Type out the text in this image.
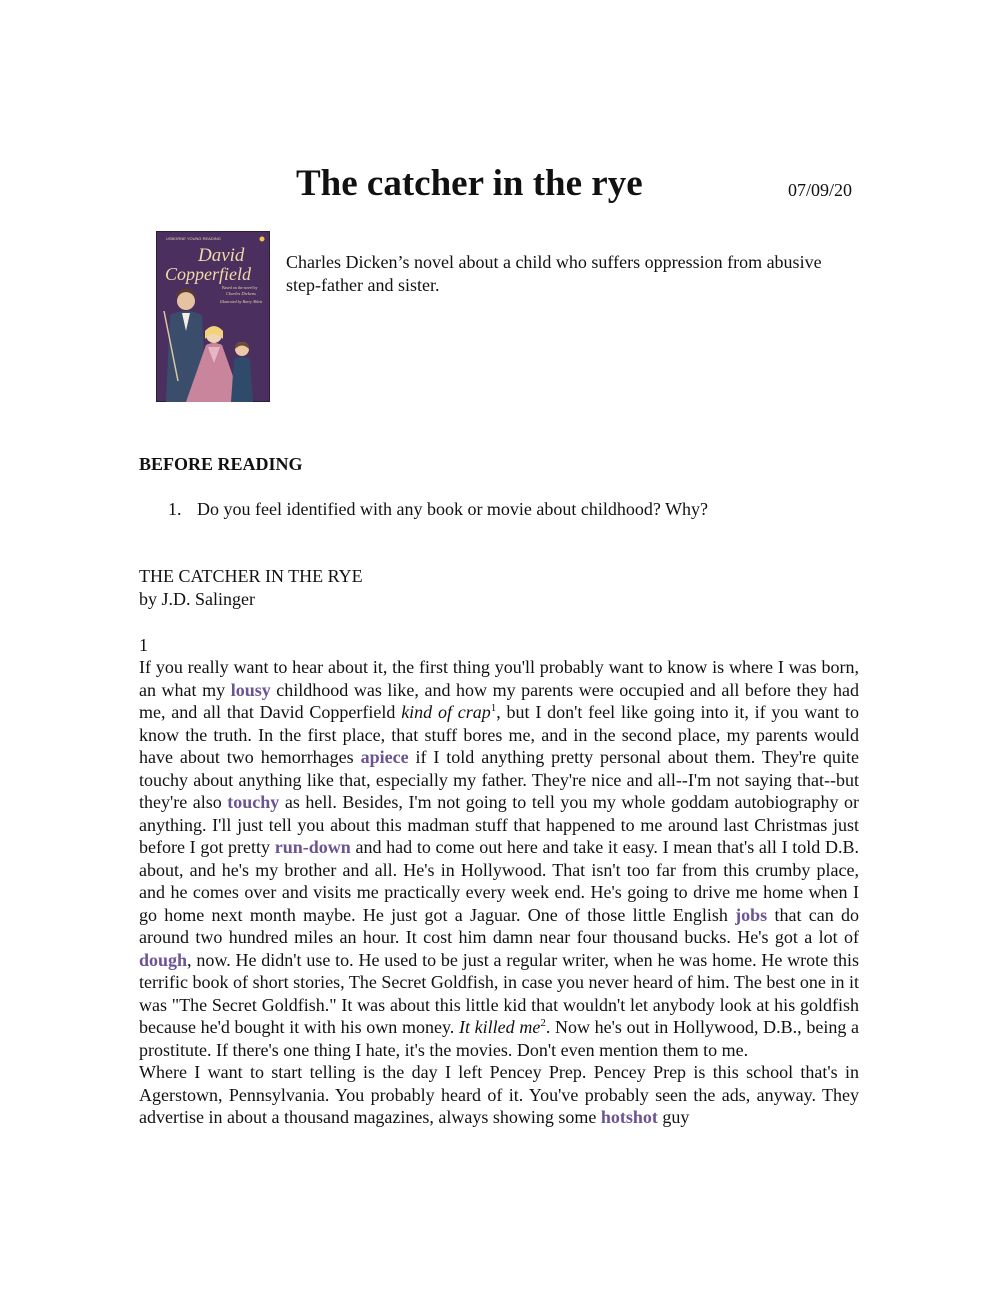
The catcher in the rye	07/09/20
USBORNE YOUNG READING
David
Copperfield
Based on the novel by
Charles Dickens
Illustrated by Barry Ablett

Charles Dicken’s novel about a child who suffers oppression from abusive step-father and sister.

BEFORE READING
1. Do you feel identified with any book or movie about childhood? Why?

THE CATCHER IN THE RYE

by J.D. Salinger

1

If you really want to hear about it, the first thing you'll probably want to know is where I was born, an what my lousy childhood was like, and how my parents were occupied and all before they had me, and all that David Copperfield kind of crap$^1$, but I don't feel like going into it, if you want to know the truth. In the first place, that stuff bores me, and in the second place, my parents would have about two hemorrhages apiece if I told anything pretty personal about them. They're quite touchy about anything like that, especially my father. They're nice and all--I'm not saying that--but they're also touchy as hell. Besides, I'm not going to tell you my whole goddam autobiography or anything. I'll just tell you about this madman stuff that happened to me around last Christmas just before I got pretty run-down and had to come out here and take it easy. I mean that's all I told D.B. about, and he's my brother and all. He's in Hollywood. That isn't too far from this crumby place, and he comes over and visits me practically every week end. He's going to drive me home when I go home next month maybe. He just got a Jaguar. One of those little English jobs that can do around two hundred miles an hour. It cost him damn near four thousand bucks. He's got a lot of dough, now. He didn't use to. He used to be just a regular writer, when he was home. He wrote this terrific book of short stories, The Secret Goldfish, in case you never heard of him. The best one in it was "The Secret Goldfish." It was about this little kid that wouldn't let anybody look at his goldfish because he'd bought it with his own money. It killed $me^2$. Now he's out in Hollywood, D.B., being a prostitute. If there's one thing I hate, it's the movies. Don't even mention them to me.

Where I want to start telling is the day I left Pencey Prep. Pencey Prep is this school that's in Agerstown, Pennsylvania. You probably heard of it. You've probably seen the ads, anyway. They advertise in about a thousand magazines, always showing some hotshot guy
